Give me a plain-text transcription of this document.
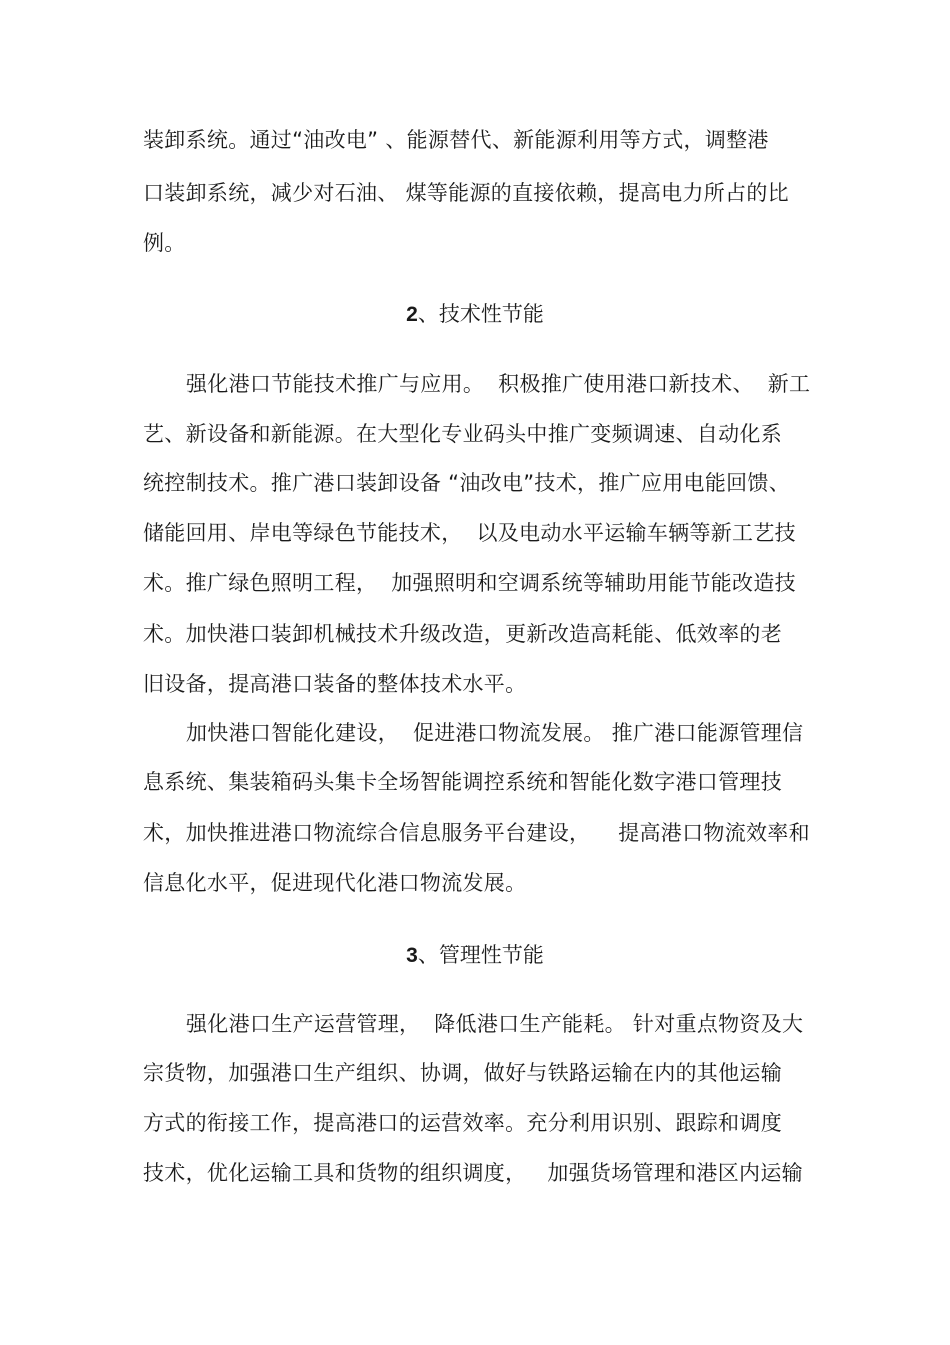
装卸系统。通过“油改电” 、能源替代、新能源利用等方式，调整港
口装卸系统，减少对石油、 煤等能源的直接依赖，提高电力所占的比
例。
2、技术性节能
强化港口节能技术推广与应用。  积极推广使用港口新技术、  新工
艺、新设备和新能源。在大型化专业码头中推广变频调速、自动化系
统控制技术。推广港口装卸设备 “油改电”技术，推广应用电能回馈、
储能回用、岸电等绿色节能技术，  以及电动水平运输车辆等新工艺技
术。推广绿色照明工程，  加强照明和空调系统等辅助用能节能改造技
术。加快港口装卸机械技术升级改造，更新改造高耗能、低效率的老
旧设备，提高港口装备的整体技术水平。
加快港口智能化建设，  促进港口物流发展。 推广港口能源管理信
息系统、集装箱码头集卡全场智能调控系统和智能化数字港口管理技
术，加快推进港口物流综合信息服务平台建设，    提高港口物流效率和
信息化水平，促进现代化港口物流发展。
3、管理性节能
强化港口生产运营管理，  降低港口生产能耗。 针对重点物资及大
宗货物，加强港口生产组织、协调，做好与铁路运输在内的其他运输
方式的衔接工作，提高港口的运营效率。充分利用识别、跟踪和调度
技术，优化运输工具和货物的组织调度，   加强货场管理和港区内运输
